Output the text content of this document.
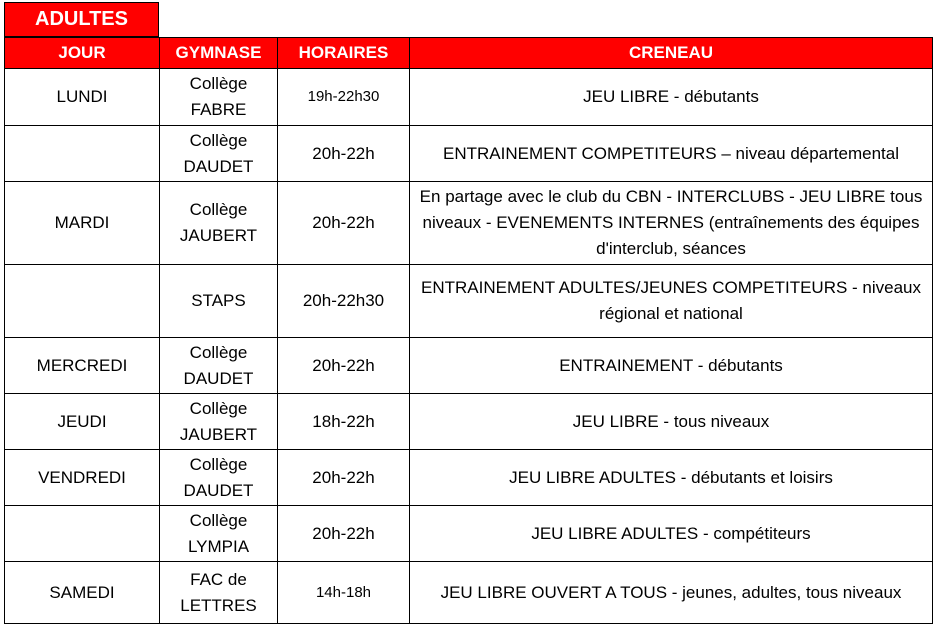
ADULTES
JOUR	GYMNASE	HORAIRES	CRENEAU
LUNDI	Collège FABRE	19h-22h30	JEU LIBRE - débutants
	Collège DAUDET	20h-22h	ENTRAINEMENT COMPETITEURS – niveau départemental
MARDI	Collège JAUBERT	20h-22h	En partage avec le club du CBN - INTERCLUBS - JEU LIBRE tous niveaux - EVENEMENTS INTERNES (entraînements des équipes d'interclub, séances

	STAPS	20h-22h30	ENTRAINEMENT ADULTES/JEUNES COMPETITEURS - niveaux régional et national
MERCREDI	Collège DAUDET	20h-22h	ENTRAINEMENT - débutants
JEUDI	Collège JAUBERT	18h-22h	JEU LIBRE - tous niveaux
VENDREDI	Collège DAUDET	20h-22h	JEU LIBRE ADULTES - débutants et loisirs
	Collège LYMPIA	20h-22h	JEU LIBRE ADULTES - compétiteurs
SAMEDI	FAC de LETTRES	14h-18h	JEU LIBRE OUVERT A TOUS - jeunes, adultes, tous niveaux
